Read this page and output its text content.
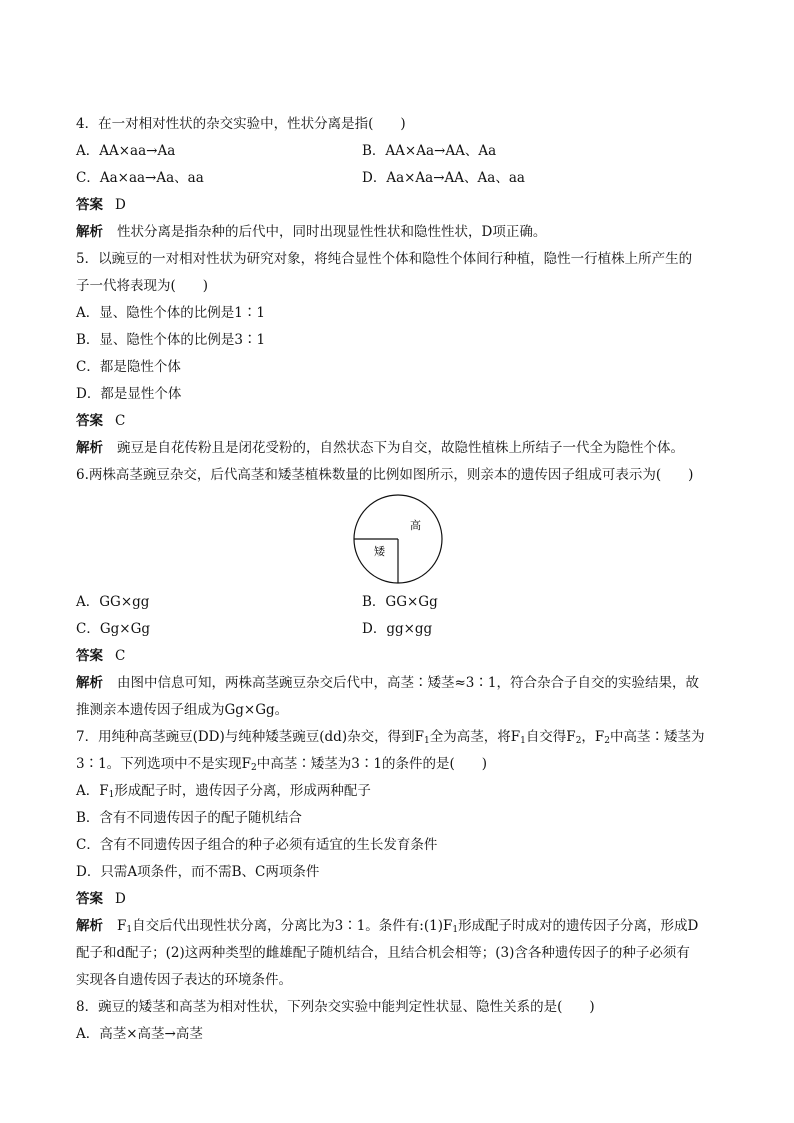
4．在一对相对性状的杂交实验中，性状分离是指(　　)
A．AA×aa→Aa	B．AA×Aa→AA、Aa
C．Aa×aa→Aa、aa	D．Aa×Aa→AA、Aa、aa
答案 D
解析 性状分离是指杂种的后代中，同时出现显性性状和隐性性状，D项正确。
5．以豌豆的一对相对性状为研究对象，将纯合显性个体和隐性个体间行种植，隐性一行植株上所产生的
子一代将表现为(　　)
A．显、隐性个体的比例是1∶1
B．显、隐性个体的比例是3∶1
C．都是隐性个体
D．都是显性个体
答案 C
解析 豌豆是自花传粉且是闭花受粉的，自然状态下为自交，故隐性植株上所结子一代全为隐性个体。
6.两株高茎豌豆杂交，后代高茎和矮茎植株数量的比例如图所示，则亲本的遗传因子组成可表示为(　　)
高
矮
A．GG×gg	B．GG×Gg
C．Gg×Gg	D．gg×gg
答案 C
解析 由图中信息可知，两株高茎豌豆杂交后代中，高茎∶矮茎≈3∶1，符合杂合子自交的实验结果，故
推测亲本遗传因子组成为Gg×Gg。
7．用纯种高茎豌豆(DD)与纯种矮茎豌豆(dd)杂交，得到$F_1$全为高茎，将$F_1$自交得$F_2$，$F_2$中高茎∶矮茎为
3∶1。下列选项中不是实现$F_2$中高茎∶矮茎为3∶1的条件的是(　　)
A．$F_1$形成配子时，遗传因子分离，形成两种配子
B．含有不同遗传因子的配子随机结合
C．含有不同遗传因子组合的种子必须有适宜的生长发育条件
D．只需A项条件，而不需B、C两项条件
答案 D
解析 $F_1$自交后代出现性状分离，分离比为3∶1。条件有$:(1)F_1$形成配子时成对的遗传因子分离，形成D
配子和d配子；(2)这两种类型的雌雄配子随机结合，且结合机会相等；(3)含各种遗传因子的种子必须有
实现各自遗传因子表达的环境条件。
8．豌豆的矮茎和高茎为相对性状，下列杂交实验中能判定性状显、隐性关系的是(　　)
A．高茎×高茎→高茎
